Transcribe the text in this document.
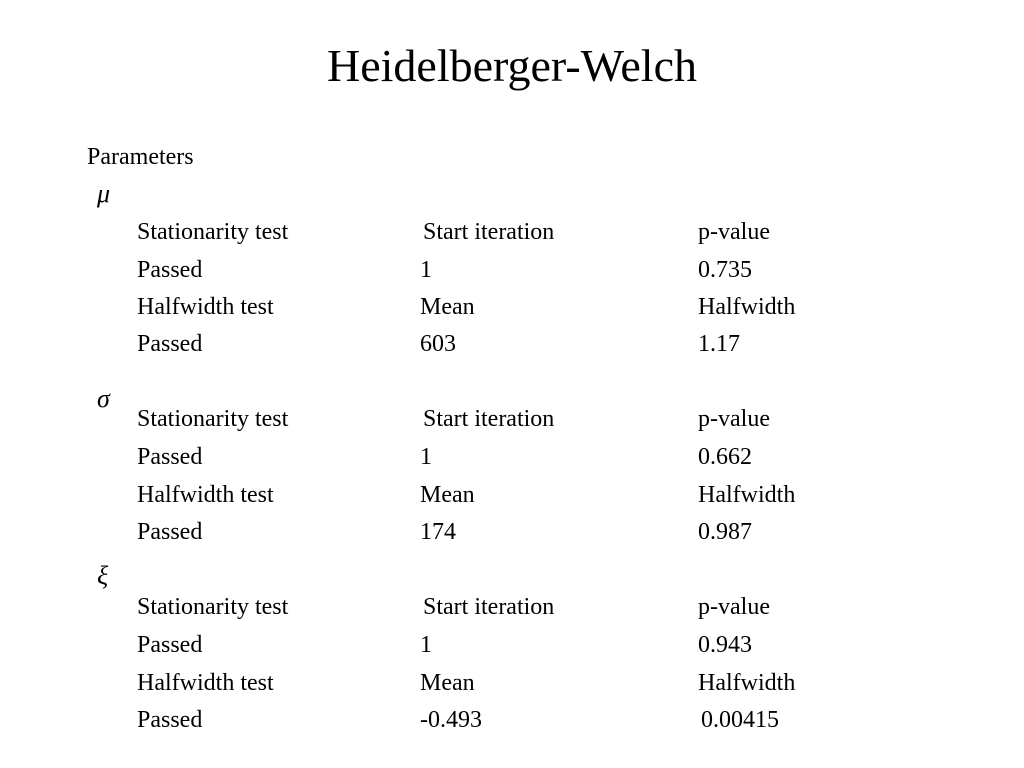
Heidelberger-Welch
Parameters
μ
Stationarity test	Start iteration	p-value
Passed	1	0.735
Halfwidth test	Mean	Halfwidth
Passed	603	1.17
σ
Stationarity test	Start iteration	p-value
Passed	1	0.662
Halfwidth test	Mean	Halfwidth
Passed	174	0.987
ξ
Stationarity test	Start iteration	p-value
Passed	1	0.943
Halfwidth test	Mean	Halfwidth
Passed	-0.493	0.00415
